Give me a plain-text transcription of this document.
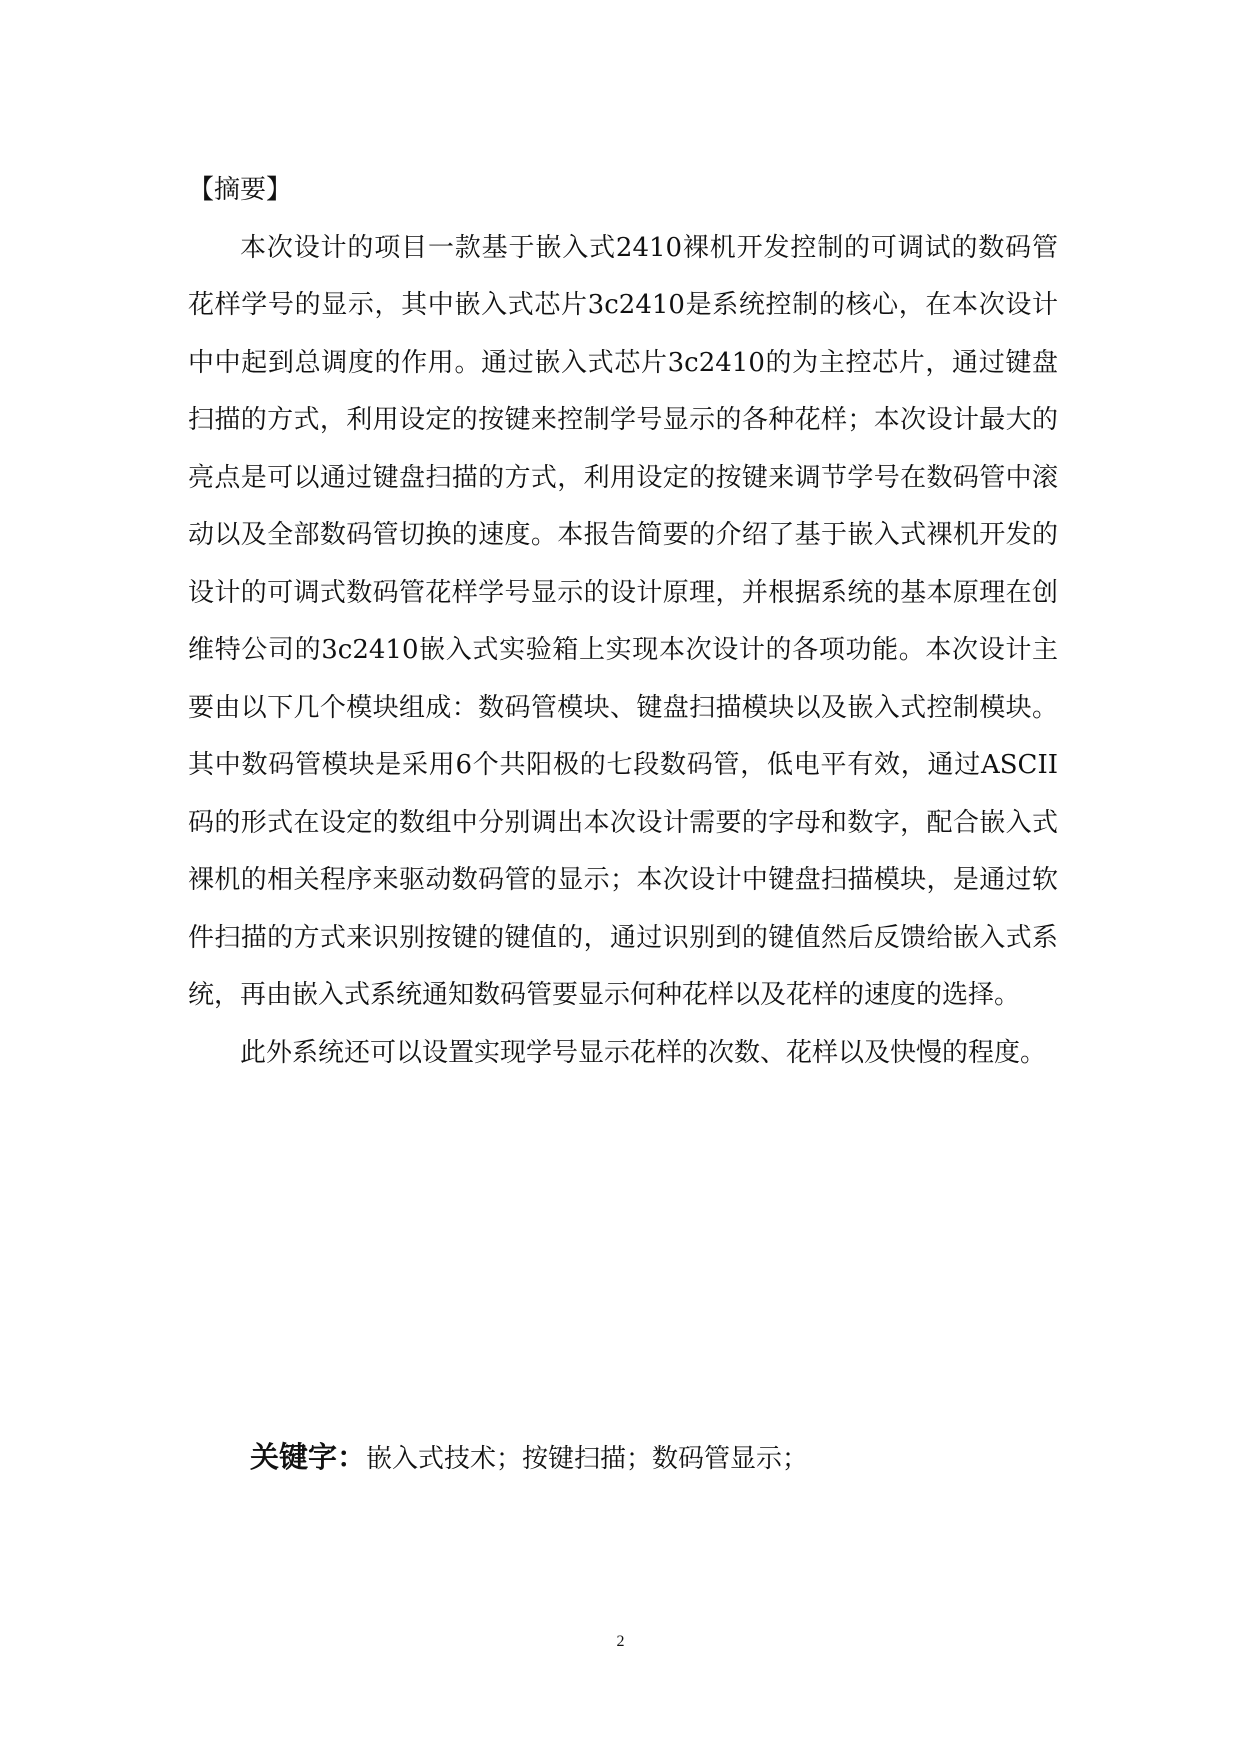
【摘要】

本次设计的项目一款基于嵌入式2410裸机开发控制的可调试的数码管花样学号的显示，其中嵌入式芯片3c2410是系统控制的核心，在本次设计中中起到总调度的作用。通过嵌入式芯片3c2410的为主控芯片，通过键盘扫描的方式，利用设定的按键来控制学号显示的各种花样；本次设计最大的亮点是可以通过键盘扫描的方式，利用设定的按键来调节学号在数码管中滚动以及全部数码管切换的速度。本报告简要的介绍了基于嵌入式裸机开发的设计的可调式数码管花样学号显示的设计原理，并根据系统的基本原理在创维特公司的3c2410嵌入式实验箱上实现本次设计的各项功能。本次设计主要由以下几个模块组成：数码管模块、键盘扫描模块以及嵌入式控制模块。其中数码管模块是采用6个共阳极的七段数码管，低电平有效，通过ASCII码的形式在设定的数组中分别调出本次设计需要的字母和数字，配合嵌入式裸机的相关程序来驱动数码管的显示；本次设计中键盘扫描模块，是通过软件扫描的方式来识别按键的键值的，通过识别到的键值然后反馈给嵌入式系统，再由嵌入式系统通知数码管要显示何种花样以及花样的速度的选择。

此外系统还可以设置实现学号显示花样的次数、花样以及快慢的程度。

关键字：嵌入式技术；按键扫描；数码管显示；
2
